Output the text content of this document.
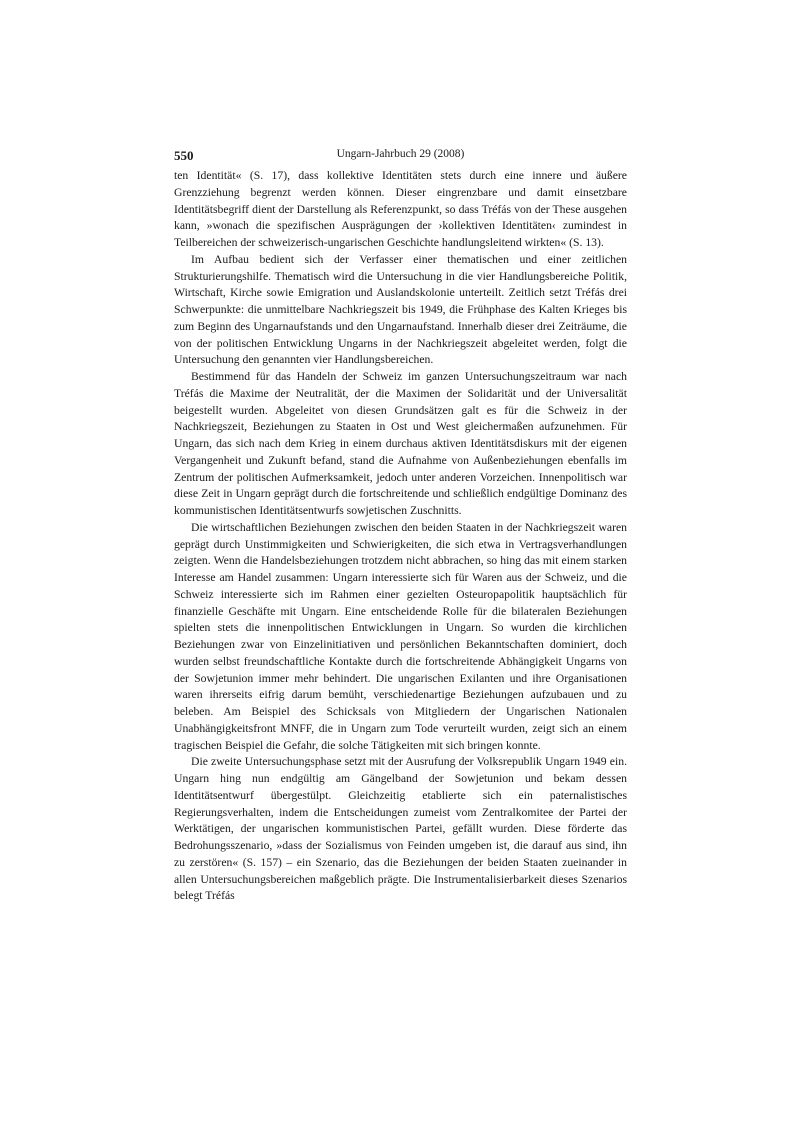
550	Ungarn-Jahrbuch 29 (2008)

ten Identität« (S. 17), dass kollektive Identitäten stets durch eine innere und äußere Grenzziehung begrenzt werden können. Dieser eingrenzbare und damit einsetzbare Identitätsbegriff dient der Darstellung als Referenzpunkt, so dass Tréfás von der These ausgehen kann, »wonach die spezifischen Ausprägungen der ›kollektiven Identitäten‹ zumindest in Teilbereichen der schweizerisch-ungarischen Geschichte handlungsleitend wirkten« (S. 13).

Im Aufbau bedient sich der Verfasser einer thematischen und einer zeitlichen Strukturierungshilfe. Thematisch wird die Untersuchung in die vier Handlungsbereiche Politik, Wirtschaft, Kirche sowie Emigration und Auslandskolonie unterteilt. Zeitlich setzt Tréfás drei Schwerpunkte: die unmittelbare Nachkriegszeit bis 1949, die Frühphase des Kalten Krieges bis zum Beginn des Ungarnaufstands und den Ungarnaufstand. Innerhalb dieser drei Zeiträume, die von der politischen Entwicklung Ungarns in der Nachkriegszeit abgeleitet werden, folgt die Untersuchung den genannten vier Handlungsbereichen.

Bestimmend für das Handeln der Schweiz im ganzen Untersuchungszeitraum war nach Tréfás die Maxime der Neutralität, der die Maximen der Solidarität und der Universalität beigestellt wurden. Abgeleitet von diesen Grundsätzen galt es für die Schweiz in der Nachkriegszeit, Beziehungen zu Staaten in Ost und West gleichermaßen aufzunehmen. Für Ungarn, das sich nach dem Krieg in einem durchaus aktiven Identitätsdiskurs mit der eigenen Vergangenheit und Zukunft befand, stand die Aufnahme von Außenbeziehungen ebenfalls im Zentrum der politischen Aufmerksamkeit, jedoch unter anderen Vorzeichen. Innenpolitisch war diese Zeit in Ungarn geprägt durch die fortschreitende und schließlich endgültige Dominanz des kommunistischen Identitätsentwurfs sowjetischen Zuschnitts.

Die wirtschaftlichen Beziehungen zwischen den beiden Staaten in der Nachkriegszeit waren geprägt durch Unstimmigkeiten und Schwierigkeiten, die sich etwa in Vertragsverhandlungen zeigten. Wenn die Handelsbeziehungen trotzdem nicht abbrachen, so hing das mit einem starken Interesse am Handel zusammen: Ungarn interessierte sich für Waren aus der Schweiz, und die Schweiz interessierte sich im Rahmen einer gezielten Osteuropapolitik hauptsächlich für finanzielle Geschäfte mit Ungarn. Eine entscheidende Rolle für die bilateralen Beziehungen spielten stets die innenpolitischen Entwicklungen in Ungarn. So wurden die kirchlichen Beziehungen zwar von Einzelinitiativen und persönlichen Bekanntschaften dominiert, doch wurden selbst freundschaftliche Kontakte durch die fortschreitende Abhängigkeit Ungarns von der Sowjetunion immer mehr behindert. Die ungarischen Exilanten und ihre Organisationen waren ihrerseits eifrig darum bemüht, verschiedenartige Beziehungen aufzubauen und zu beleben. Am Beispiel des Schicksals von Mitgliedern der Ungarischen Nationalen Unabhängigkeitsfront MNFF, die in Ungarn zum Tode verurteilt wurden, zeigt sich an einem tragischen Beispiel die Gefahr, die solche Tätigkeiten mit sich bringen konnte.

Die zweite Untersuchungsphase setzt mit der Ausrufung der Volksrepublik Ungarn 1949 ein. Ungarn hing nun endgültig am Gängelband der Sowjetunion und bekam dessen Identitätsentwurf übergestülpt. Gleichzeitig etablierte sich ein paternalistisches Regierungsverhalten, indem die Entscheidungen zumeist vom Zentralkomitee der Partei der Werktätigen, der ungarischen kommunistischen Partei, gefällt wurden. Diese förderte das Bedrohungsszenario, »dass der Sozialismus von Feinden umgeben ist, die darauf aus sind, ihn zu zerstören« (S. 157) – ein Szenario, das die Beziehungen der beiden Staaten zueinander in allen Untersuchungsbereichen maßgeblich prägte. Die Instrumentalisierbarkeit dieses Szenarios belegt Tréfás
